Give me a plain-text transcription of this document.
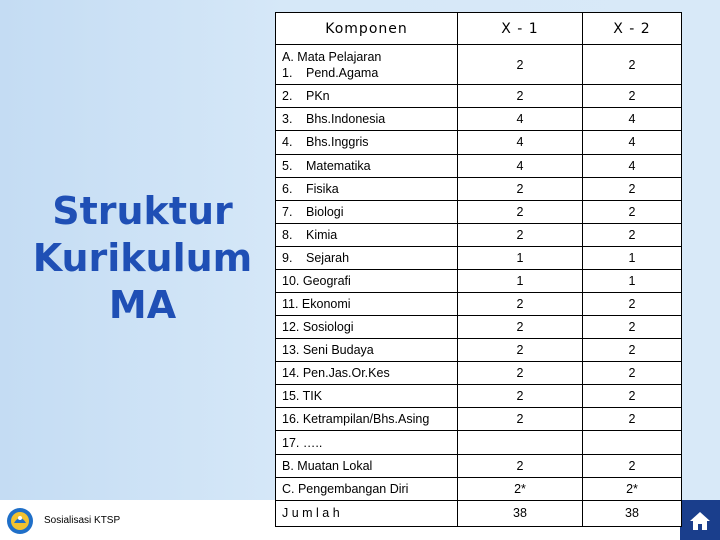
Struktur
Kurikulum
MA
Sosialisasi KTSP
Komponen	X - 1	X - 2

A. Mata Pelajaran
1. Pend.Agama	2	2
2. PKn	2	2
3. Bhs.Indonesia	4	4
4. Bhs.Inggris	4	4
5. Matematika	4	4
6. Fisika	2	2
7. Biologi	2	2
8. Kimia	2	2
9. Sejarah	1	1
10. Geografi	1	1
11. Ekonomi	2	2
12. Sosiologi	2	2
13. Seni Budaya	2	2
14. Pen.Jas.Or.Kes	2	2
15. TIK	2	2
16. Ketrampilan/Bhs.Asing	2	2
17. …..		
B. Muatan Lokal	2	2
C. Pengembangan Diri	2*	2*
J u m l a h	38	38
